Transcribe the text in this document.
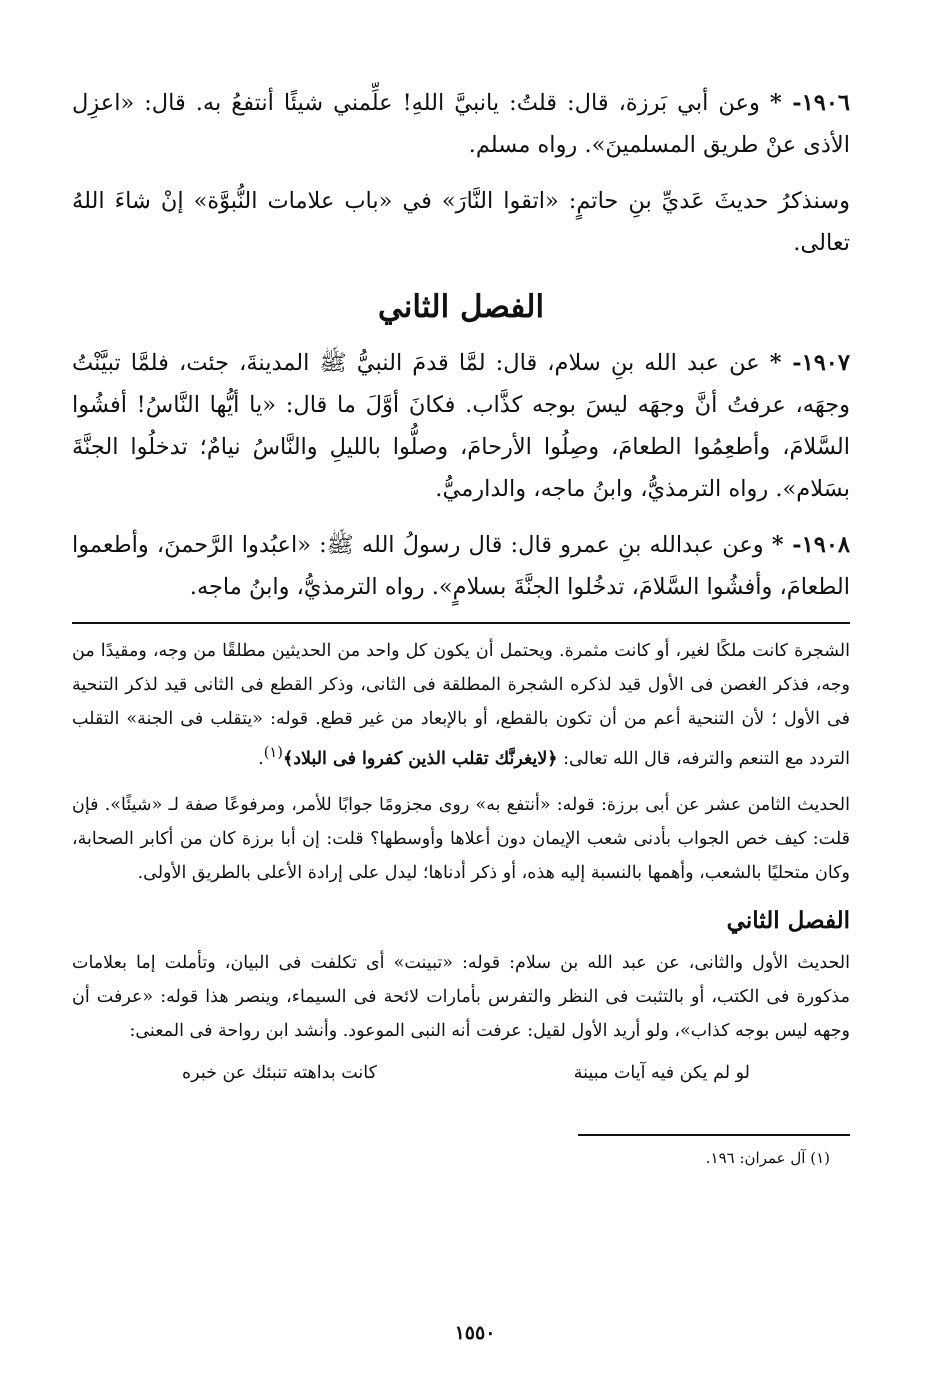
١٩٠٦- * وعن أبي بَرزة، قال: قلتُ: يانبيَّ اللهِ! علِّمني شيئًا أنتفعُ به. قال: «اعزِل الأذى عنْ طريق المسلمينَ». رواه مسلم.

وسنذكرُ حديثَ عَديِّ بنِ حاتمٍ: «اتقوا النَّارَ» في «باب علامات النُّبوَّة» إنْ شاءَ اللهُ تعالى.

الفصل الثاني

١٩٠٧- * عن عبد الله بنِ سلام، قال: لمَّا قدمَ النبيُّ ﷺ المدينةَ، جئت، فلمَّا تبيَّنْتُ وجهَه، عرفتُ أنَّ وجهَه ليسَ بوجه كذَّاب. فكانَ أوَّلَ ما قال: «يا أيُّها النَّاسُ! أفشُوا السَّلامَ، وأطعِمُوا الطعامَ، وصِلُوا الأرحامَ، وصلُّوا بالليلِ والنَّاسُ نيامٌ؛ تدخلُوا الجنَّةَ بسَلام». رواه الترمذيُّ، وابنُ ماجه، والدارميُّ.

١٩٠٨- * وعن عبدالله بنِ عمرو قال: قال رسولُ الله ﷺ: «اعبُدوا الرَّحمنَ، وأطعموا الطعامَ، وأفشُوا السَّلامَ، تدخُلوا الجنَّةَ بسلامٍ». رواه الترمذيُّ، وابنُ ماجه.

الشجرة كانت ملكًا لغير، أو كانت مثمرة. ويحتمل أن يكون كل واحد من الحديثين مطلقًا من وجه، ومقيدًا من وجه، فذكر الغصن فى الأول قيد لذكره الشجرة المطلقة فى الثانى، وذكر القطع فى الثانى قيد لذكر التنحية فى الأول ؛ لأن التنحية أعم من أن تكون بالقطع، أو بالإبعاد من غير قطع. قوله: «يتقلب فى الجنة» التقلب التردد مع التنعم والترفه، قال الله تعالى: ﴿لايغرنَّك تقلب الذين كفروا فى البلاد﴾$^{(١)}$.

الحديث الثامن عشر عن أبى برزة: قوله: «أنتفع به» روى مجزومًا جوابًا للأمر، ومرفوعًا صفة لـ «شيئًا». فإن قلت: كيف خص الجواب بأدنى شعب الإيمان دون أعلاها وأوسطها؟ قلت: إن أبا برزة كان من أكابر الصحابة، وكان متحليًا بالشعب، وأهمها بالنسبة إليه هذه، أو ذكر أدناها؛ ليدل على إرادة الأعلى بالطريق الأولى.

الفصل الثاني

الحديث الأول والثانى، عن عبد الله بن سلام: قوله: «تبينت» أى تكلفت فى البيان، وتأملت إما بعلامات مذكورة فى الكتب، أو بالتثبت فى النظر والتفرس بأمارات لائحة فى السيماء، وينصر هذا قوله: «عرفت أن وجهه ليس بوجه كذاب»، ولو أريد الأول لقيل: عرفت أنه النبى الموعود. وأنشد ابن رواحة فى المعنى:

لو لم يكن فيه آيات مبينة
كانت بداهته تنبئك عن خبره
(١) آل عمران: ١٩٦.
١٥٥٠
